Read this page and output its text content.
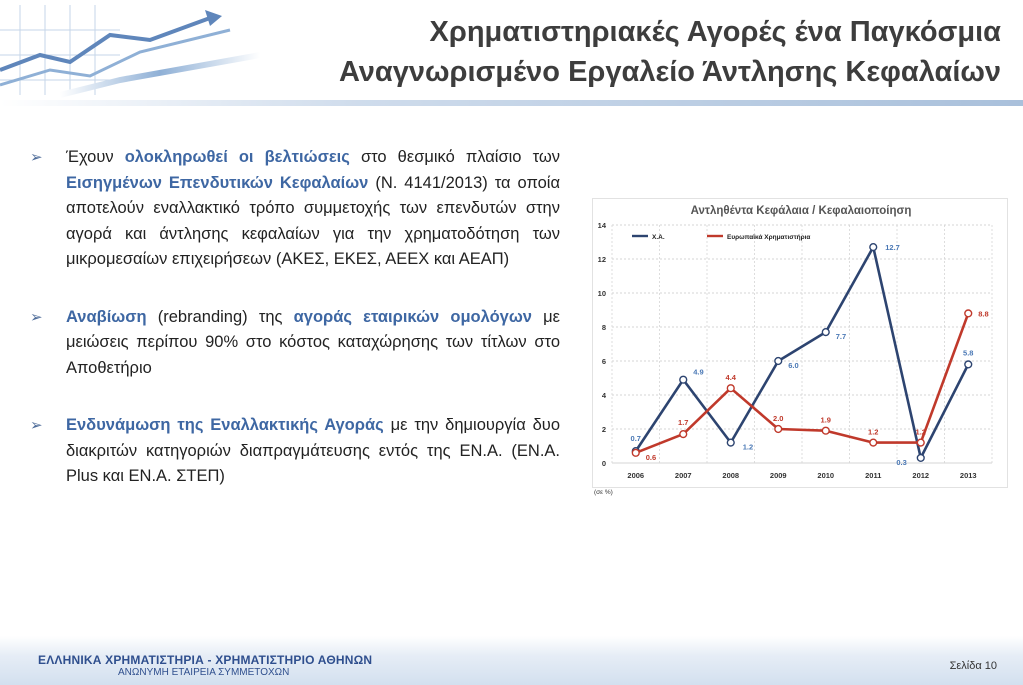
Χρηματιστηριακές Αγορές ένα Παγκόσμια
Αναγνωρισμένο Εργαλείο Άντλησης Κεφαλαίων
➢ Έχουν ολοκληρωθεί οι βελτιώσεις στο θεσμικό πλαίσιο των Εισηγμένων Επενδυτικών Κεφαλαίων (Ν. 4141/2013) τα οποία αποτελούν εναλλακτικό τρόπο συμμετοχής των επενδυτών στην αγορά και άντλησης κεφαλαίων για την χρηματοδότηση των μικρομεσαίων επιχειρήσεων (ΑΚΕΣ, ΕΚΕΣ, ΑΕΕΧ και ΑΕΑΠ)
➢ Αναβίωση (rebranding) της αγοράς εταιρικών ομολόγων με μειώσεις περίπου 90% στο κόστος καταχώρησης των τίτλων στο Αποθετήριο
➢ Ενδυνάμωση της Εναλλακτικής Αγοράς με την δημιουργία δυο διακριτών κατηγοριών διαπραγμάτευσης εντός της ΕΝ.Α. (ΕΝ.Α. Plus και ΕΝ.Α. ΣΤΕΠ)
Αντληθέντα Κεφάλαια / Κεφαλαιοποίηση
0
2
4
6
8
10
12
14
2006	2007	2008	2009	2010	2011	2012	2013
0.7
4.9
1.2
6.0
7.7
12.7
0.3
5.8
0.6
1.7
4.4
2.0	1.9
1.2	1.2
8.8
Χ.Α.	Ευρωπαϊκά Χρηματιστήρια
(σε %)
ΕΛΛΗΝΙΚΑ ΧΡΗΜΑΤΙΣΤΗΡΙΑ - ΧΡΗΜΑΤΙΣΤΗΡΙΟ ΑΘΗΝΩΝ
ΑΝΩΝΥΜΗ ΕΤΑΙΡΕΙΑ ΣΥΜΜΕΤΟΧΩΝ
Σελίδα 10
